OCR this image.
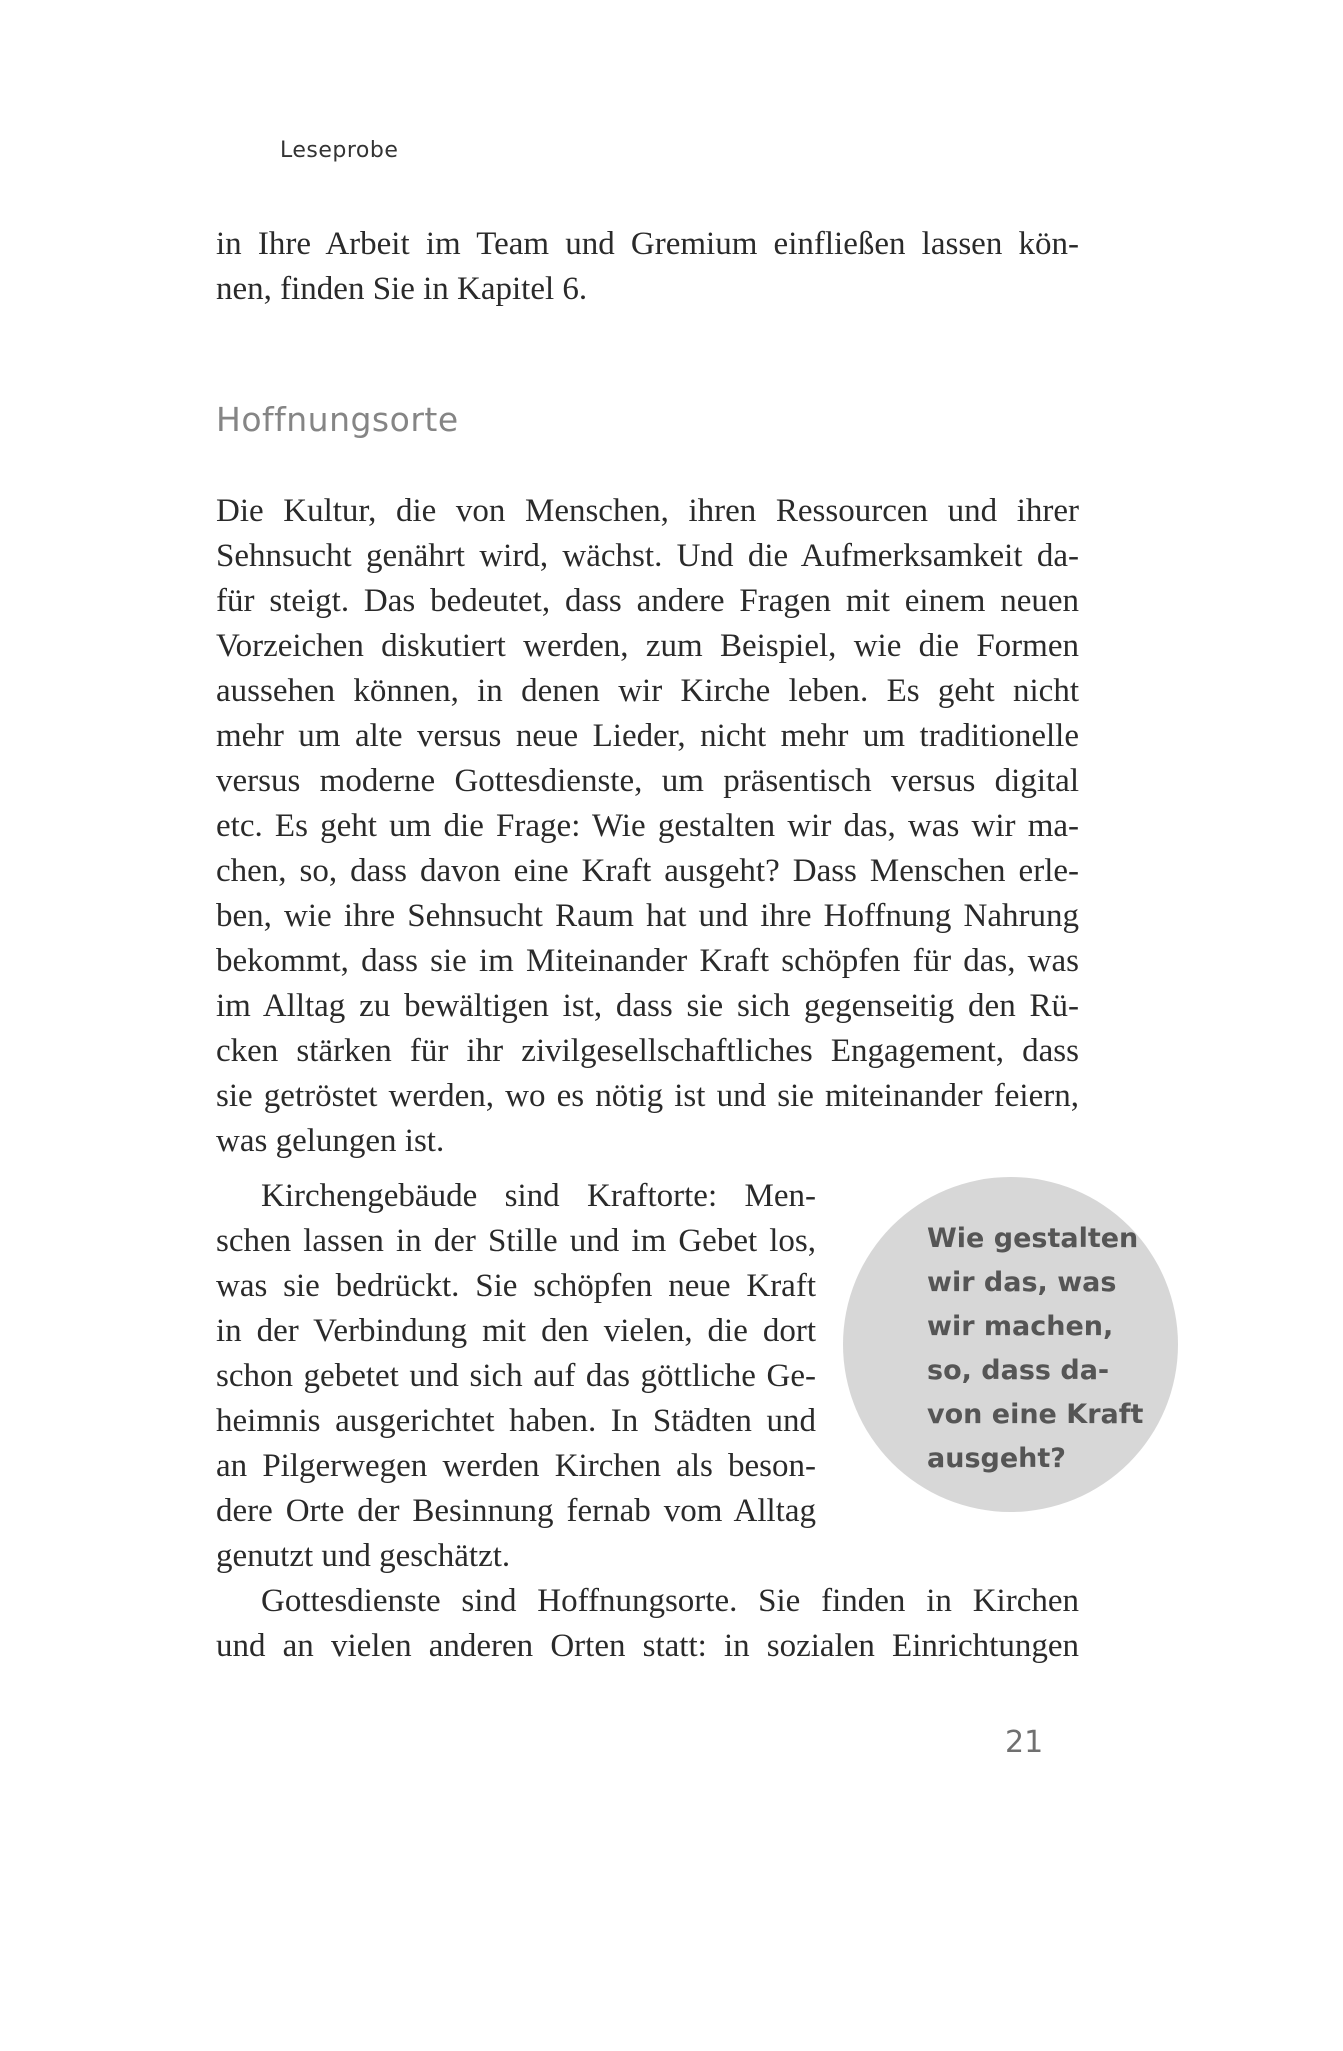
Leseprobe
in Ihre Arbeit im Team und Gremium einfließen lassen kön-
nen, finden Sie in Kapitel 6.
Hoffnungsorte
Die Kultur, die von Menschen, ihren Ressourcen und ihrer
Sehnsucht genährt wird, wächst. Und die Aufmerksamkeit da-
für steigt. Das bedeutet, dass andere Fragen mit einem neuen
Vorzeichen diskutiert werden, zum Beispiel, wie die Formen
aussehen können, in denen wir Kirche leben. Es geht nicht
mehr um alte versus neue Lieder, nicht mehr um traditionelle
versus moderne Gottesdienste, um präsentisch versus digital
etc. Es geht um die Frage: Wie gestalten wir das, was wir ma-
chen, so, dass davon eine Kraft ausgeht? Dass Menschen erle-
ben, wie ihre Sehnsucht Raum hat und ihre Hoffnung Nahrung
bekommt, dass sie im Miteinander Kraft schöpfen für das, was
im Alltag zu bewältigen ist, dass sie sich gegenseitig den Rü-
cken stärken für ihr zivilgesellschaftliches Engagement, dass
sie getröstet werden, wo es nötig ist und sie miteinander feiern,
was gelungen ist.
Wie gestalten
wir das, was
wir machen,
so, dass da-
von eine Kraft
ausgeht?
Kirchengebäude sind Kraftorte: Men-
schen lassen in der Stille und im Gebet los,
was sie bedrückt. Sie schöpfen neue Kraft
in der Verbindung mit den vielen, die dort
schon gebetet und sich auf das göttliche Ge-
heimnis ausgerichtet haben. In Städten und
an Pilgerwegen werden Kirchen als beson-
dere Orte der Besinnung fernab vom Alltag
genutzt und geschätzt.
Gottesdienste sind Hoffnungsorte. Sie finden in Kirchen
und an vielen anderen Orten statt: in sozialen Einrichtungen
21
